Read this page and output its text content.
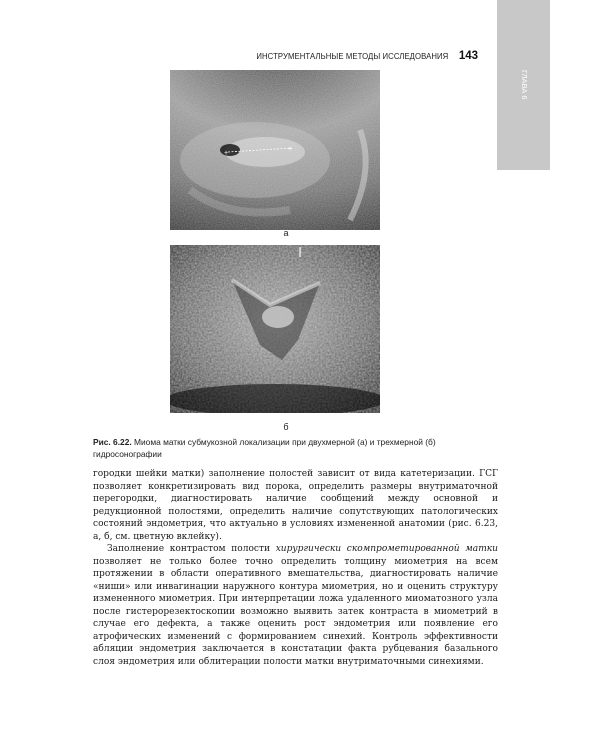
ИНСТРУМЕНТАЛЬНЫЕ МЕТОДЫ ИССЛЕДОВАНИЯ 143
ГЛАВА 6
+
+
а
б
Рис. 6.22. Миома матки субмукозной локализации при двухмерной (а) и трехмерной (б) гидросонографии

городки шейки матки) заполнение полостей зависит от вида катетеризации. ГСГ позволяет конкретизировать вид порока, определить размеры внутриматочной перегородки, диагностировать наличие сообщений между основной и редукционной полостями, определить наличие сопутствующих патологических состояний эндометрия, что актуально в условиях измененной анатомии (рис. 6.23, а, б, см. цветную вклейку).

Заполнение контрастом полости хирургически скомпрометированной матки позволяет не только более точно определить толщину миометрия на всем протяжении в области оперативного вмешательства, диагностировать наличие «ниши» или инвагинации наружного контура миометрия, но и оценить структуру измененного миометрия. При интерпретации ложа удаленного миоматозного узла после гистерорезектоскопии возможно выявить затек контраста в миометрий в случае его дефекта, а также оценить рост эндометрия или появление его атрофических изменений с формированием синехий. Контроль эффективности абляции эндометрия заключается в констатации факта рубцевания базального слоя эндометрия или облитерации полости матки внутриматочными синехиями.
